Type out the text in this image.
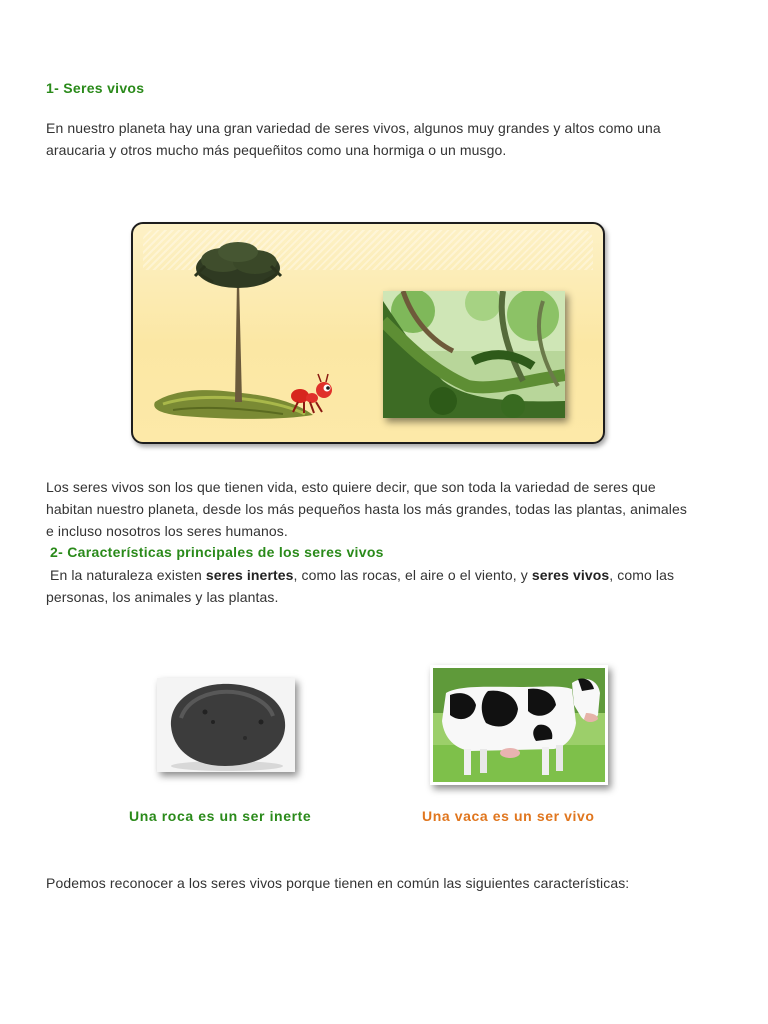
1- Seres vivos
En nuestro planeta hay una gran variedad de seres vivos, algunos muy grandes y altos como una
araucaria y otros mucho más pequeñitos como una hormiga o un musgo.
Los seres vivos son los que tienen vida, esto quiere decir, que son toda la variedad de seres que
habitan nuestro planeta, desde los más pequeños hasta los más grandes, todas las plantas, animales
e incluso nosotros los seres humanos.
2- Características principales de los seres vivos
En la naturaleza existen seres inertes, como las rocas, el aire o el viento, y seres vivos, como las
personas, los animales y las plantas.
Una roca es un ser inerte	Una vaca es un ser vivo
Podemos reconocer a los seres vivos porque tienen en común las siguientes características:
